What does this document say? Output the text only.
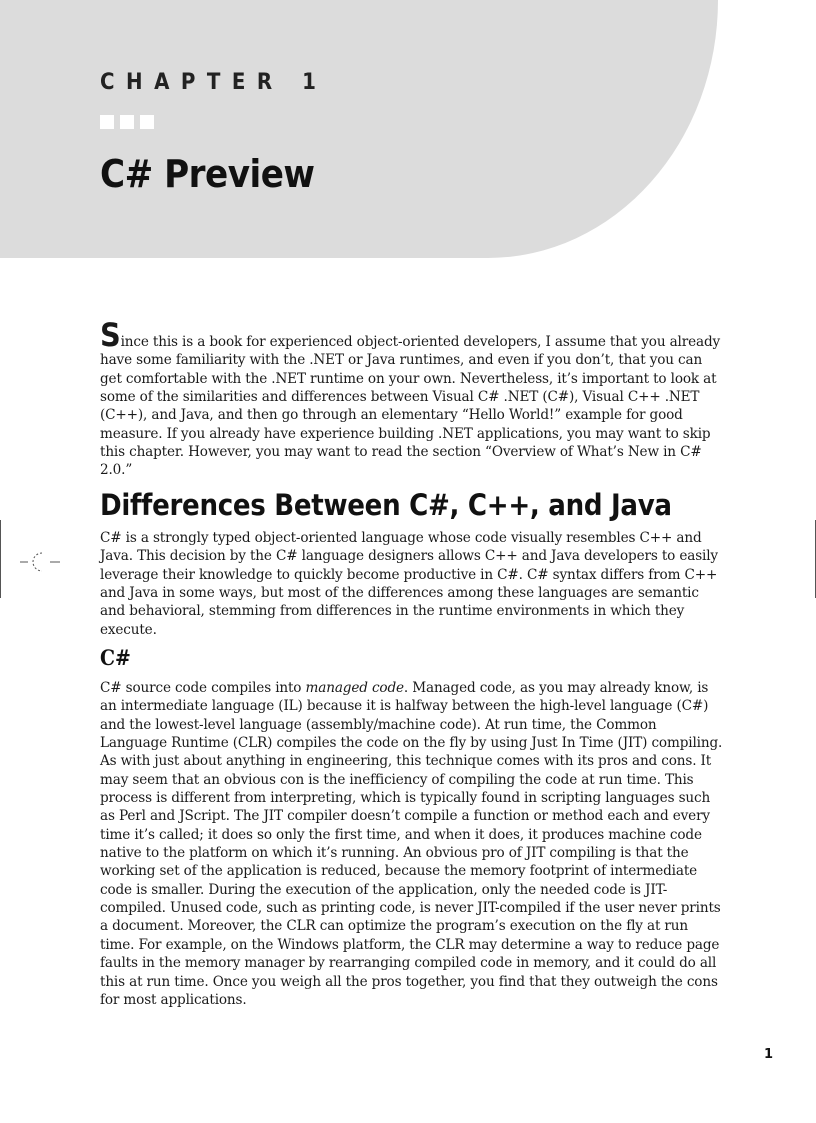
CHAPTER 1
C# Preview
Since this is a book for experienced object-oriented developers, I assume that you already have some familiarity with the .NET or Java runtimes, and even if you don’t, that you can get comfortable with the .NET runtime on your own. Nevertheless, it’s important to look at some of the similarities and differences between Visual C# .NET (C#), Visual C++ .NET (C++), and Java, and then go through an elementary “Hello World!” example for good measure. If you already have experience building .NET applications, you may want to skip this chapter. However, you may want to read the section “Overview of What’s New in C# 2.0.”
Differences Between C#, C++, and Java
C# is a strongly typed object-oriented language whose code visually resembles C++ and Java. This decision by the C# language designers allows C++ and Java developers to easily leverage their knowledge to quickly become productive in C#. C# syntax differs from C++ and Java in some ways, but most of the differences among these languages are semantic and behavioral, stemming from differences in the runtime environments in which they execute.
C#
C# source code compiles into managed code. Managed code, as you may already know, is an intermediate language (IL) because it is halfway between the high-level language (C#) and the lowest-level language (assembly/machine code). At run time, the Common Language Runtime (CLR) compiles the code on the fly by using Just In Time (JIT) compiling. As with just about anything in engineering, this technique comes with its pros and cons. It may seem that an obvious con is the inefficiency of compiling the code at run time. This process is different from interpreting, which is typically found in scripting languages such as Perl and JScript. The JIT compiler doesn’t compile a function or method each and every time it’s called; it does so only the first time, and when it does, it produces machine code native to the platform on which it’s running. An obvious pro of JIT compiling is that the working set of the application is reduced, because the memory footprint of intermediate code is smaller. During the execution of the application, only the needed code is JIT-compiled. Unused code, such as printing code, is never JIT-compiled if the user never prints a document. Moreover, the CLR can optimize the program’s execution on the fly at run time. For example, on the Windows platform, the CLR may determine a way to reduce page faults in the memory manager by rearranging compiled code in memory, and it could do all this at run time. Once you weigh all the pros together, you find that they outweigh the cons for most applications.
1
